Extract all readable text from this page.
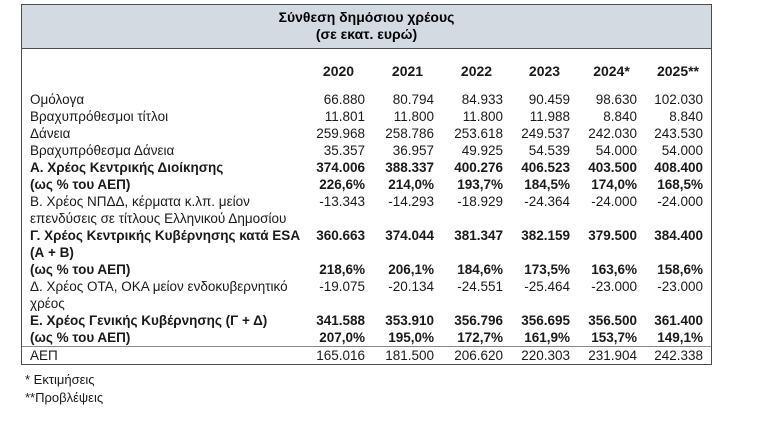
Σύνθεση δημόσιου χρέους
(σε εκατ. ευρώ)
	2020	2021	2022	2023	2024*	2025**

Ομόλογα	66.880	80.794	84.933	90.459	98.630	102.030

Βραχυπρόθεσμοι τίτλοι	11.801	11.800	11.800	11.988	8.840	8.840

Δάνεια	259.968	258.786	253.618	249.537	242.030	243.530

Βραχυπρόθεσμα Δάνεια	35.357	36.957	49.925	54.539	54.000	54.000

Α. Χρέος Κεντρικής Διοίκησης	374.006	388.337	400.276	406.523	403.500	408.400

(ως % του ΑΕΠ)	226,6%	214,0%	193,7%	184,5%	174,0%	168,5%

Β. Χρέος ΝΠΔΔ, κέρματα κ.λπ. μείον
επενδύσεις σε τίτλους Ελληνικού Δημοσίου	-13.343	-14.293	-18.929	-24.364	-24.000	-24.000

Γ. Χρέος Κεντρικής Κυβέρνησης κατά ESA
(Α + Β)	360.663	374.044	381.347	382.159	379.500	384.400

(ως % του ΑΕΠ)	218,6%	206,1%	184,6%	173,5%	163,6%	158,6%

Δ. Χρέος ΟΤΑ, ΟΚΑ μείον ενδοκυβερνητικό
χρέος	-19.075	-20.134	-24.551	-25.464	-23.000	-23.000

Ε. Χρέος Γενικής Κυβέρνησης (Γ + Δ)	341.588	353.910	356.796	356.695	356.500	361.400

(ως % του ΑΕΠ)	207,0%	195,0%	172,7%	161,9%	153,7%	149,1%

ΑΕΠ	165.016	181.500	206.620	220.303	231.904	242.338
* Εκτιμήσεις
**Προβλέψεις
